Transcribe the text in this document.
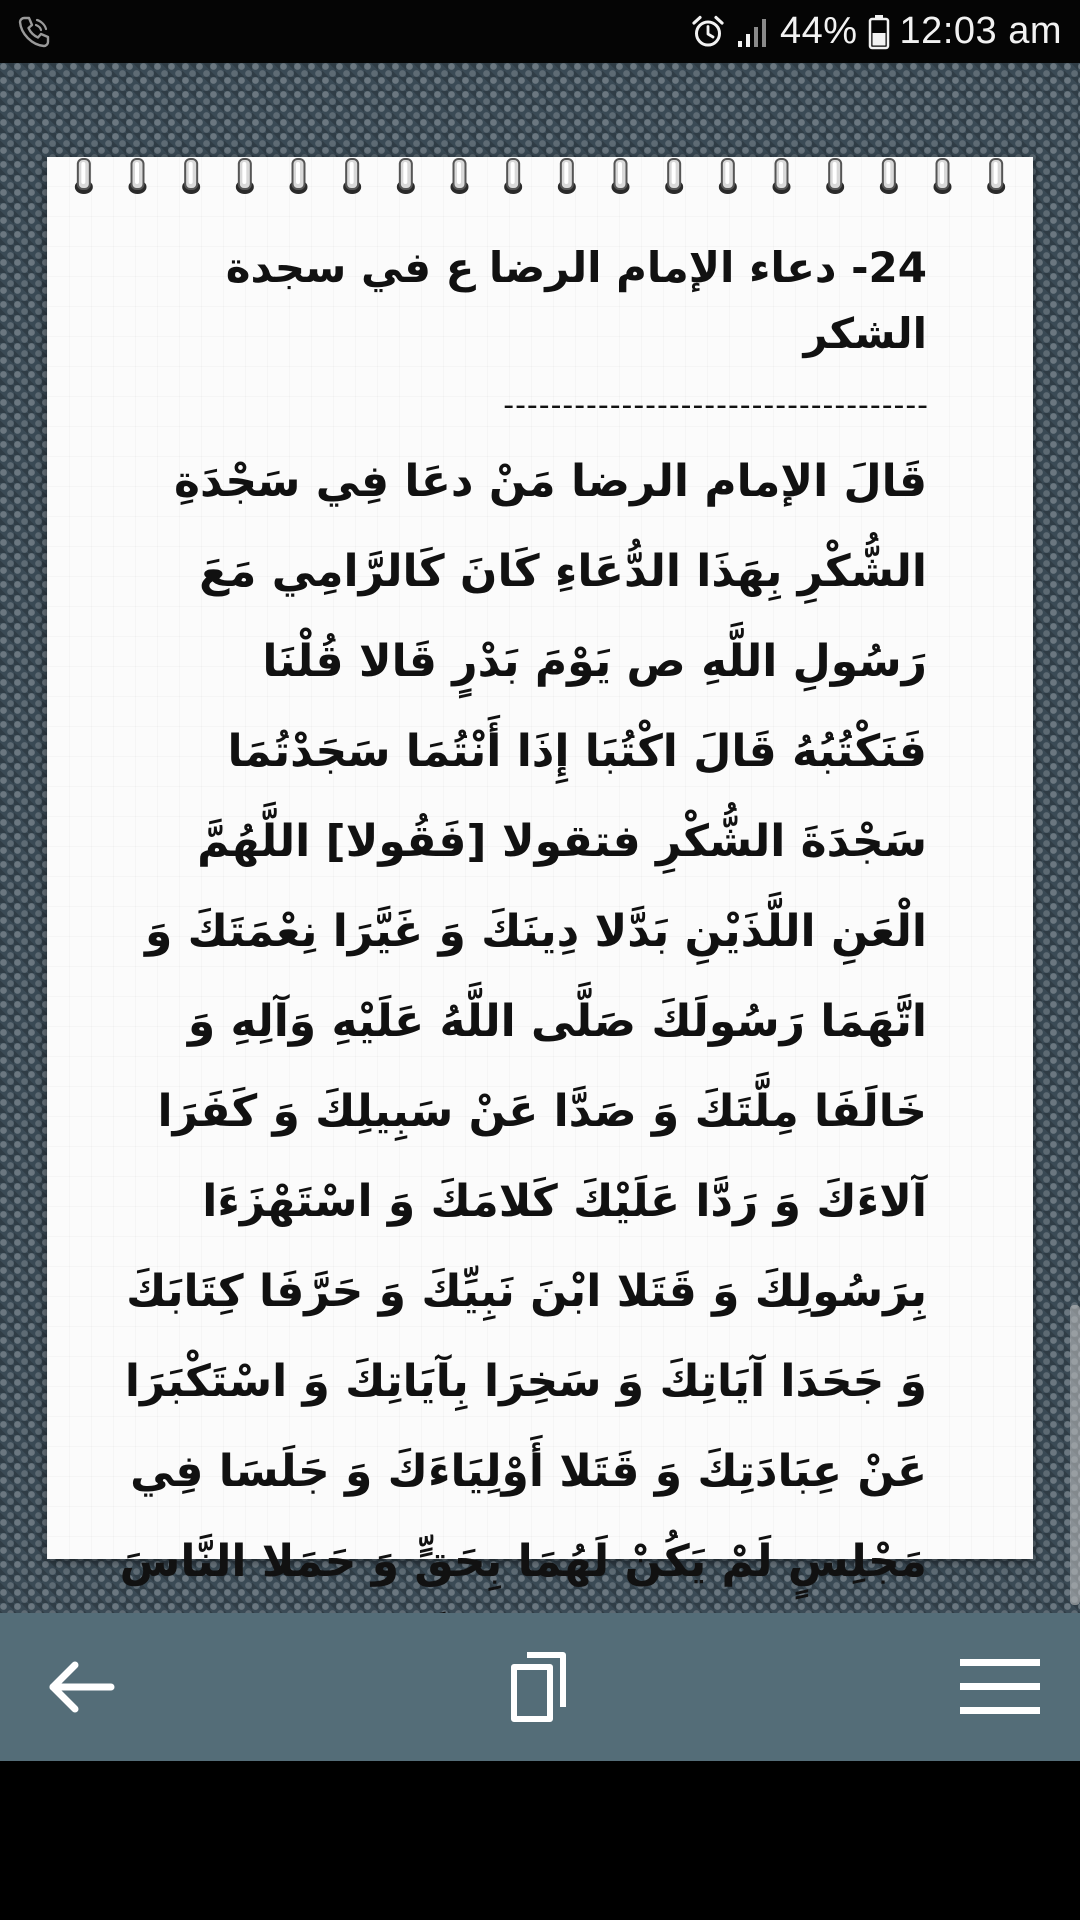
44% 12:03 am
24- دعاء الإمام الرضا ع في سجدة الشكر
------------------------------------
قَالَ الإمام الرضا مَنْ دعَا فِي سَجْدَةِ الشُّكْرِ بِهَذَا الدُّعَاءِ كَانَ كَالرَّامِي مَعَ رَسُولِ اللَّهِ ص يَوْمَ بَدْرٍ قَالا قُلْنَا فَنَكْتُبُهُ قَالَ اكْتُبَا إِذَا أَنْتُمَا سَجَدْتُمَا سَجْدَةَ الشُّكْرِ فتقولا [فَقُولا] اللَّهُمَّ الْعَنِ اللَّذَيْنِ بَدَّلا دِينَكَ وَ غَيَّرَا نِعْمَتَكَ وَ اتَّهَمَا رَسُولَكَ صَلَّى اللَّهُ عَلَيْهِ وَآلِهِ وَ خَالَفَا مِلَّتَكَ وَ صَدَّا عَنْ سَبِيلِكَ وَ كَفَرَا آلاءَكَ وَ رَدَّا عَلَيْكَ كَلامَكَ وَ اسْتَهْزَءَا بِرَسُولِكَ وَ قَتَلا ابْنَ نَبِيِّكَ وَ حَرَّفَا كِتَابَكَ وَ جَحَدَا آيَاتِكَ وَ سَخِرَا بِآيَاتِكَ وَ اسْتَكْبَرَا عَنْ عِبَادَتِكَ وَ قَتَلا أَوْلِيَاءَكَ وَ جَلَسَا فِي مَجْلِسٍ لَمْ يَكُنْ لَهُمَا بِحَقٍّ وَ حَمَلا النَّاسَ
